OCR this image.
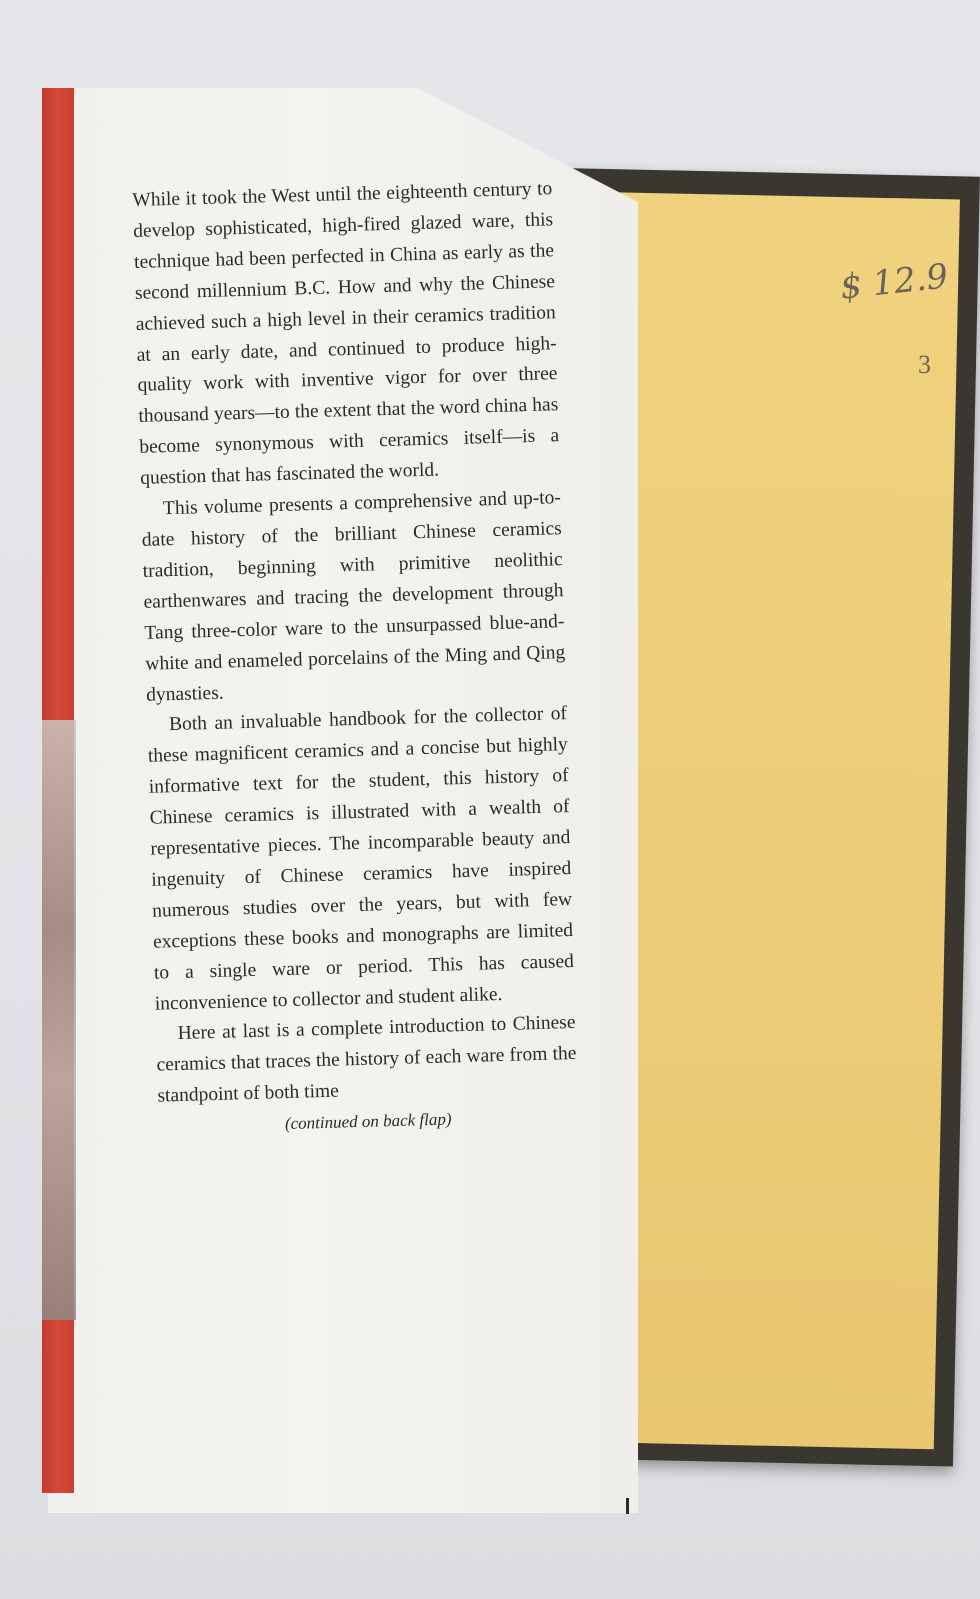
$ 12.9
3

While it took the West until the eighteenth century to develop sophisticated, high-fired glazed ware, this technique had been perfected in China as early as the second millennium B.C. How and why the Chinese achieved such a high level in their ceramics tradition at an early date, and continued to produce high-quality work with inventive vigor for over three thousand years—to the extent that the word china has become synonymous with ceramics itself—is a question that has fascinated the world.

This volume presents a comprehensive and up-to-date history of the brilliant Chinese ceramics tradition, beginning with primitive neolithic earthenwares and tracing the development through Tang three-color ware to the unsurpassed blue-and-white and enameled porcelains of the Ming and Qing dynasties.

Both an invaluable handbook for the collector of these magnificent ceramics and a concise but highly informative text for the student, this history of Chinese ceramics is illustrated with a wealth of representative pieces. The incomparable beauty and ingenuity of Chinese ceramics have inspired numerous studies over the years, but with few exceptions these books and monographs are limited to a single ware or period. This has caused inconvenience to collector and student alike.

Here at last is a complete introduction to Chinese ceramics that traces the history of each ware from the standpoint of both time

(continued on back flap)
